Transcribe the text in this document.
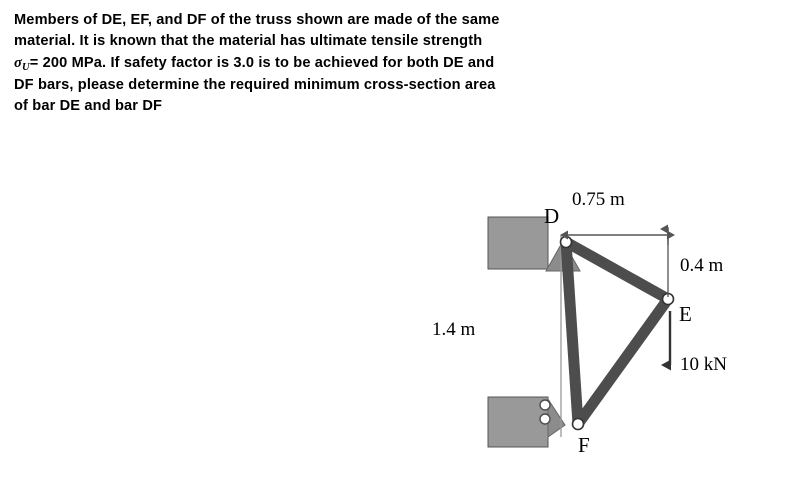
Members of DE, EF, and DF of the truss shown are made of the same
material. It is known that the material has ultimate tensile strength
$\sigma_U= 200$ MPa. If safety factor is 3.0 is to be achieved for both DE and
DF bars, please determine the required minimum cross-section area
of bar DE and bar DF
0.75 m
0.4 m
1.4 m
10 kN
D
E
F
